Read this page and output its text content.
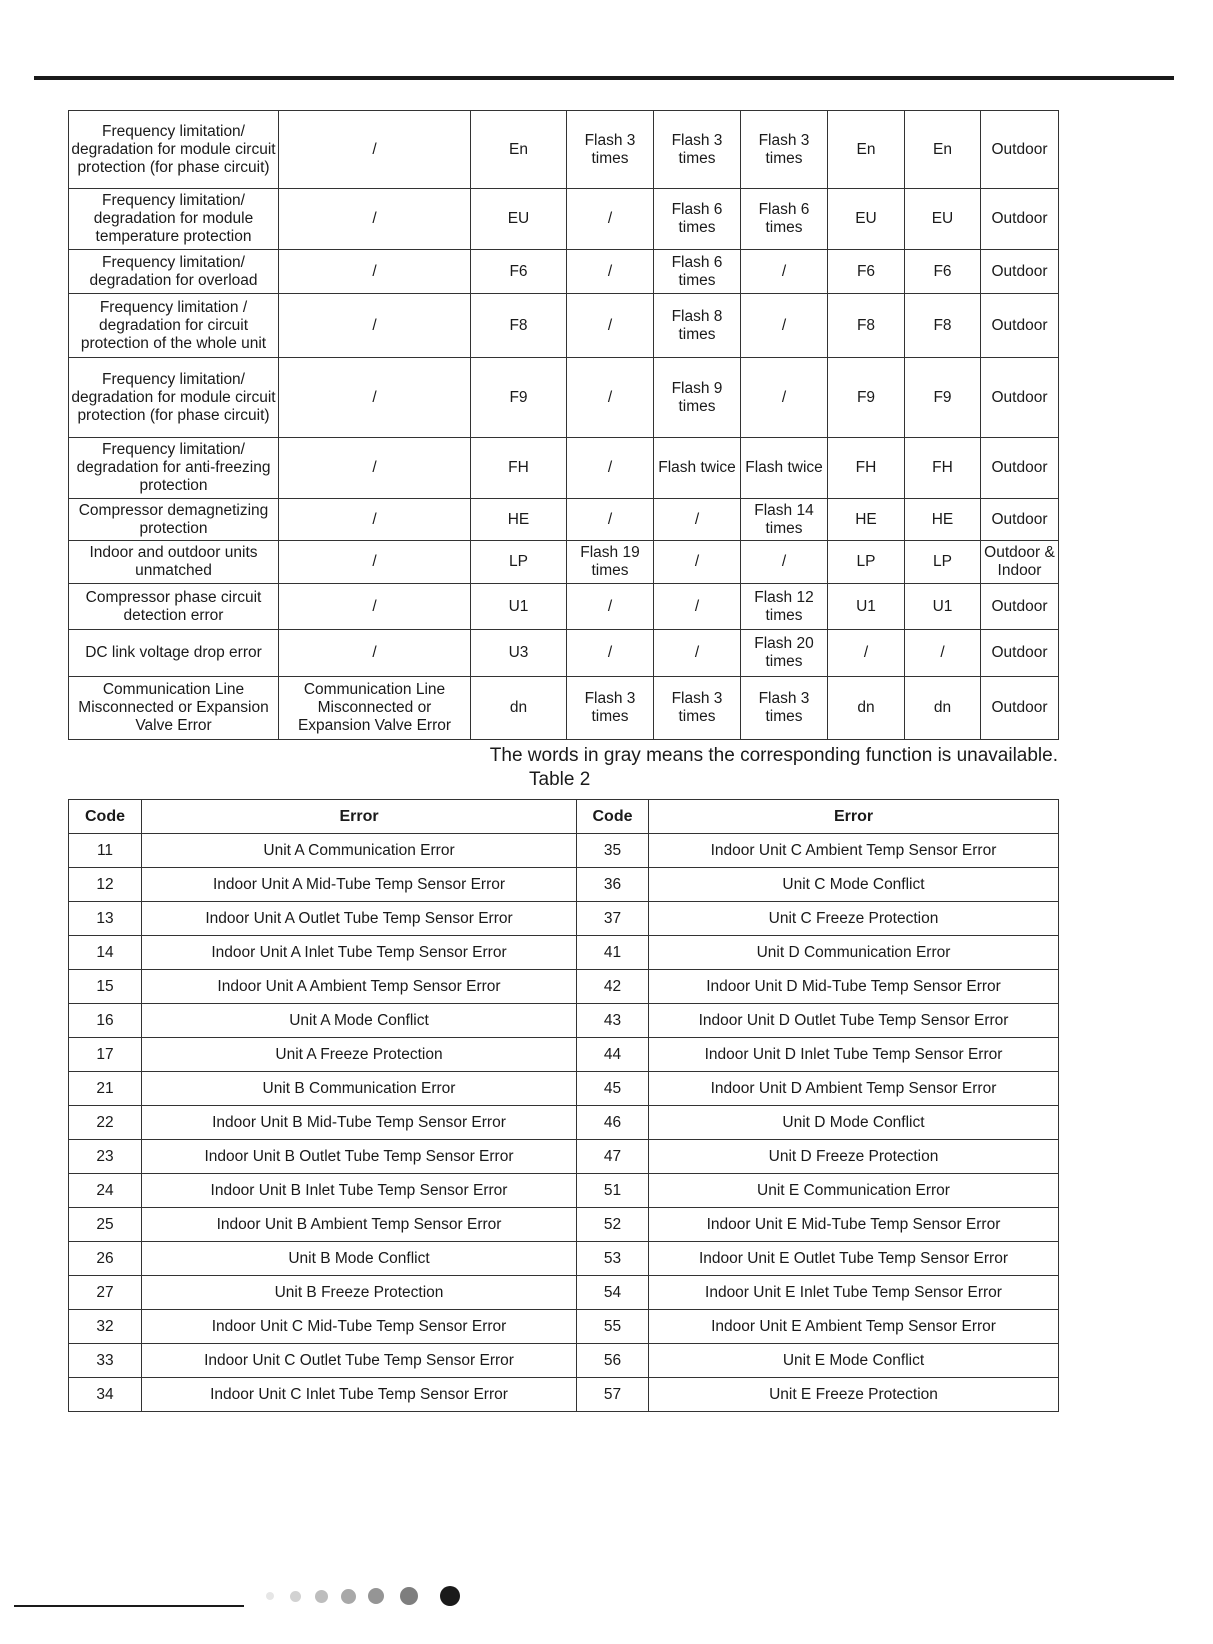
Frequency limitation/ degradation for module circuit protection (for phase circuit)	/	En	Flash 3 times	Flash 3 times	Flash 3 times	En	En	Outdoor
Frequency limitation/ degradation for module temperature protection	/	EU	/	Flash 6 times	Flash 6 times	EU	EU	Outdoor
Frequency limitation/ degradation for overload	/	F6	/	Flash 6 times	/	F6	F6	Outdoor
Frequency limitation / degradation for circuit protection of the whole unit	/	F8	/	Flash 8 times	/	F8	F8	Outdoor
Frequency limitation/ degradation for module circuit protection (for phase circuit)	/	F9	/	Flash 9 times	/	F9	F9	Outdoor
Frequency limitation/ degradation for anti-freezing protection	/	FH	/	Flash twice	Flash twice	FH	FH	Outdoor
Compressor demagnetizing protection	/	HE	/	/	Flash 14 times	HE	HE	Outdoor
Indoor and outdoor units unmatched	/	LP	Flash 19 times	/	/	LP	LP	Outdoor & Indoor
Compressor phase circuit detection error	/	U1	/	/	Flash 12 times	U1	U1	Outdoor
DC link voltage drop error	/	U3	/	/	Flash 20 times	/	/	Outdoor
Communication Line Misconnected or Expansion Valve Error	Communication Line Misconnected or Expansion Valve Error	dn	Flash 3 times	Flash 3 times	Flash 3 times	dn	dn	Outdoor
The words in gray means the corresponding function is unavailable.
Table 2
Code	Error	Code	Error
11	Unit A Communication Error	35	Indoor Unit C Ambient Temp Sensor Error
12	Indoor Unit A Mid-Tube Temp Sensor Error	36	Unit C Mode Conflict
13	Indoor Unit A Outlet Tube Temp Sensor Error	37	Unit C Freeze Protection
14	Indoor Unit A Inlet Tube Temp Sensor Error	41	Unit D Communication Error
15	Indoor Unit A Ambient Temp Sensor Error	42	Indoor Unit D Mid-Tube Temp Sensor Error
16	Unit A Mode Conflict	43	Indoor Unit D Outlet Tube Temp Sensor Error
17	Unit A Freeze Protection	44	Indoor Unit D Inlet Tube Temp Sensor Error
21	Unit B Communication Error	45	Indoor Unit D Ambient Temp Sensor Error
22	Indoor Unit B Mid-Tube Temp Sensor Error	46	Unit D Mode Conflict
23	Indoor Unit B Outlet Tube Temp Sensor Error	47	Unit D Freeze Protection
24	Indoor Unit B Inlet Tube Temp Sensor Error	51	Unit E Communication Error
25	Indoor Unit B Ambient Temp Sensor Error	52	Indoor Unit E Mid-Tube Temp Sensor Error
26	Unit B Mode Conflict	53	Indoor Unit E Outlet Tube Temp Sensor Error
27	Unit B Freeze Protection	54	Indoor Unit E Inlet Tube Temp Sensor Error
32	Indoor Unit C Mid-Tube Temp Sensor Error	55	Indoor Unit E Ambient Temp Sensor Error
33	Indoor Unit C Outlet Tube Temp Sensor Error	56	Unit E Mode Conflict
34	Indoor Unit C Inlet Tube Temp Sensor Error	57	Unit E Freeze Protection
